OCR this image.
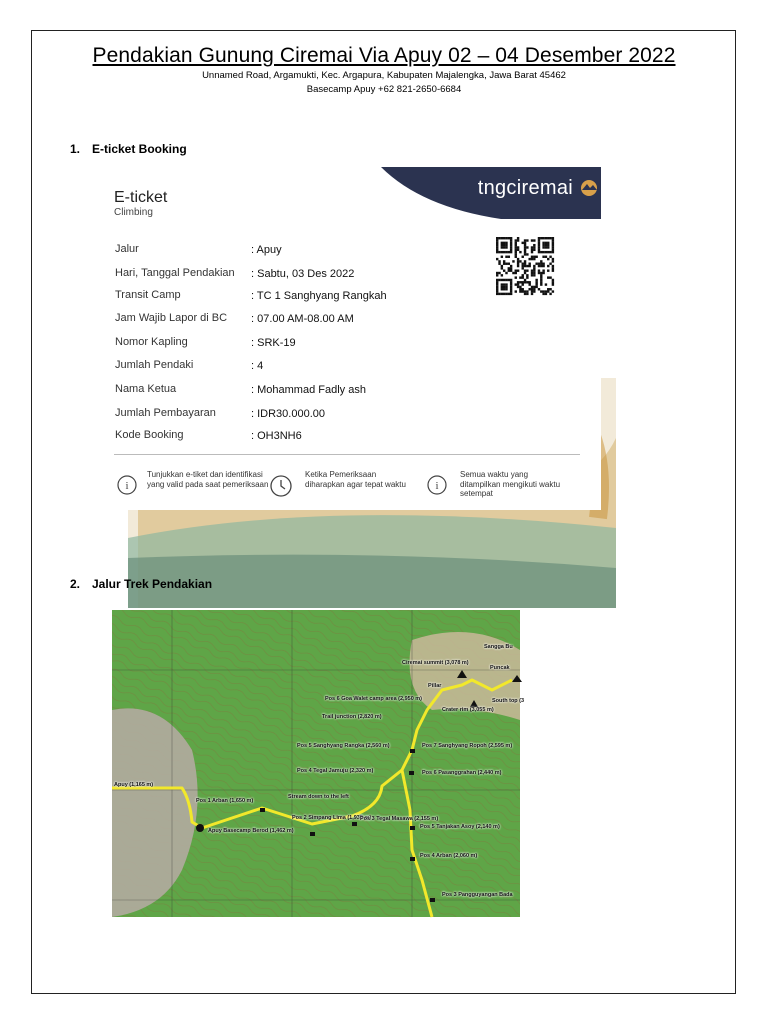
Pendakian Gunung Ciremai Via Apuy 02 – 04 Desember 2022
Unnamed Road, Argamukti, Kec. Argapura, Kabupaten Majalengka, Jawa Barat 45462
Basecamp Apuy +62 821-2650-6684
1. E-ticket Booking
tngciremai
E-ticket
Climbing
Jalur	: Apuy
Hari, Tanggal Pendakian : Sabtu, 03 Des 2022
Transit Camp	: TC 1 Sanghyang Rangkah
Jam Wajib Lapor di BC : 07.00 AM-08.00 AM
Nomor Kapling	: SRK-19
Jumlah Pendaki	: 4
Nama Ketua	: Mohammad Fadly ash
Jumlah Pembayaran	: IDR30.000.00
Kode Booking	: OH3NH6
i
Tunjukkan e-tiket dan identifikasi yang valid pada saat pemeriksaan
Ketika Pemeriksaan diharapkan agar tepat waktu	i
Semua waktu yang ditampilkan mengikuti waktu setempat
2. Jalur Trek Pendakian
Ciremai summit (3,078 m)
Sangga Bu
Puncak
Pillar
Pos 6 Goa Walet camp area (2,950 m)	South top (3
Crater rim (3,055 m)
Trail junction (2,820 m)
Pos 5 Sanghyang Rangka (2,560 m)	Pos 7 Sanghyang Ropoh (2,595 m)
Pos 4 Tegal Jamuju (2,320 m)	Pos 6 Pasanggrahan (2,440 m)
Apuy (1,165 m)
Pos 1 Arban (1,650 m)
Stream down to the left
Pos 2 Simpang Lima (1,935 m)
Pos 3 Tegal Masawa (2,155 m)
Pos 5 Tanjakan Asoy (2,140 m)
Apuy Basecamp Berod (1,462 m)
Pos 4 Arban (2,060 m)
Pos 3 Pangguyangan Bada
